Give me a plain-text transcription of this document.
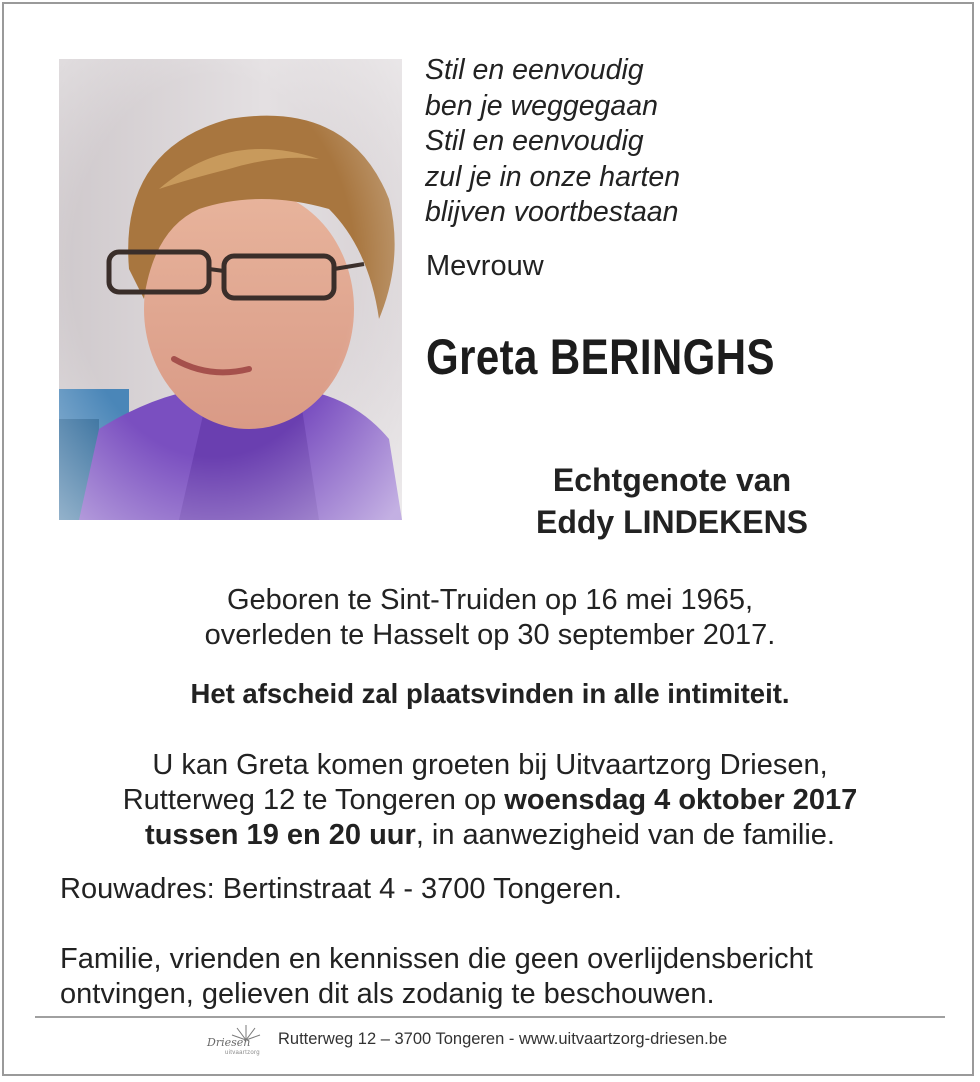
Stil en eenvoudig
ben je weggegaan
Stil en eenvoudig
zul je in onze harten
blijven voortbestaan
Mevrouw
Greta BERINGHS
Echtgenote van
Eddy LINDEKENS
Geboren te Sint-Truiden op 16 mei 1965,
overleden te Hasselt op 30 september 2017.
Het afscheid zal plaatsvinden in alle intimiteit.
U kan Greta komen groeten bij Uitvaartzorg Driesen,
Rutterweg 12 te Tongeren op woensdag 4 oktober 2017
tussen 19 en 20 uur, in aanwezigheid van de familie.
Rouwadres: Bertinstraat 4 - 3700 Tongeren.
Familie, vrienden en kennissen die geen overlijdensbericht
ontvingen, gelieven dit als zodanig te beschouwen.
Driesen
uitvaartzorg
Rutterweg 12 – 3700 Tongeren - www.uitvaartzorg-driesen.be
